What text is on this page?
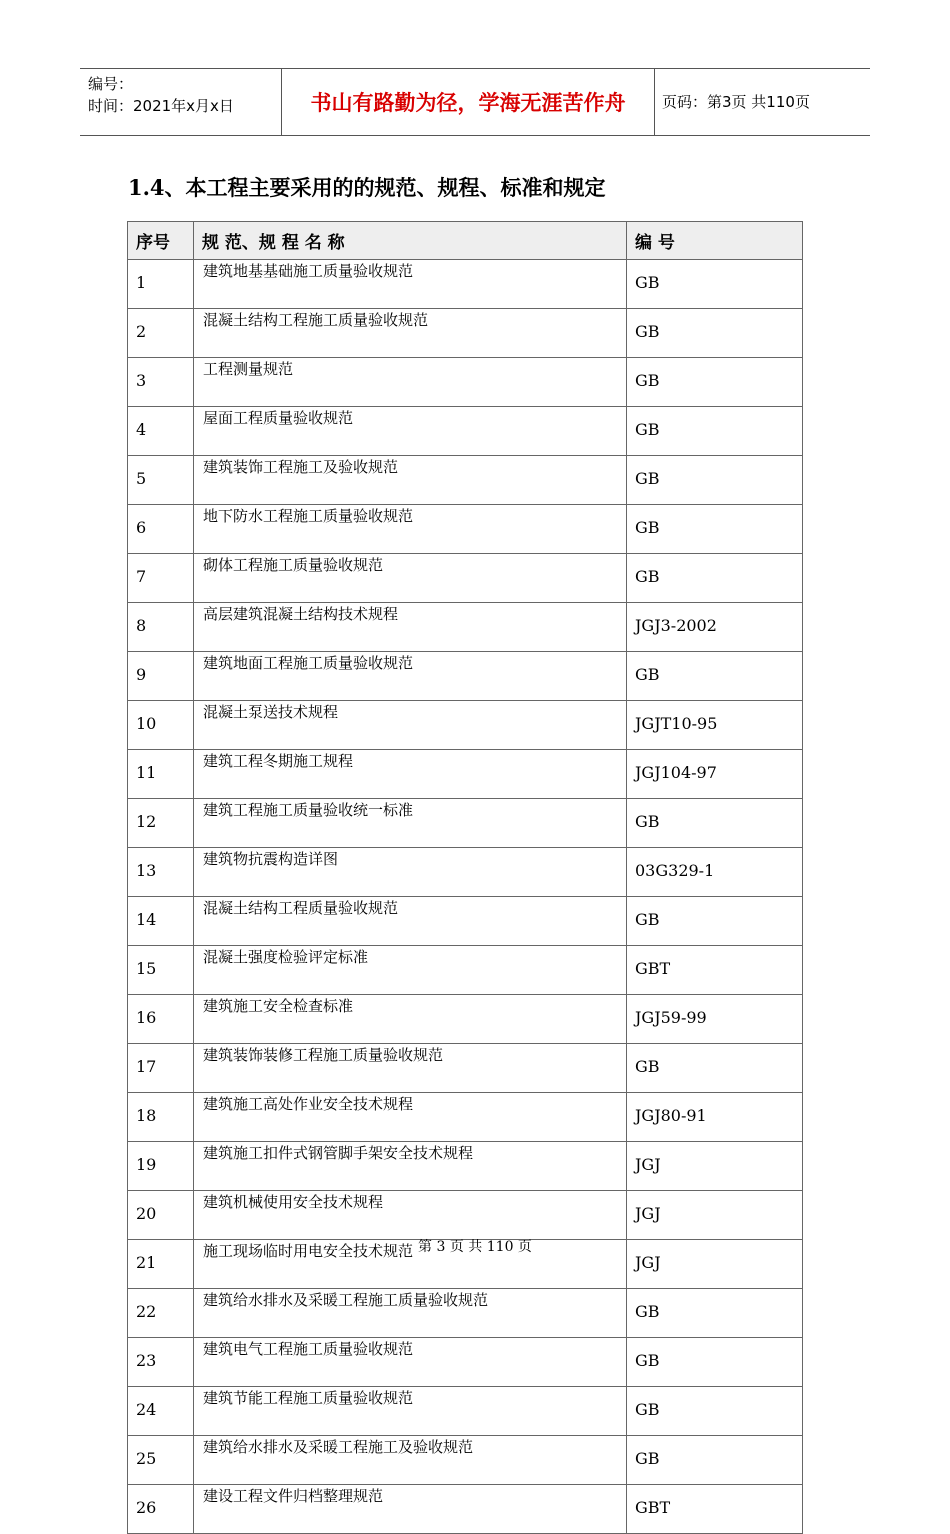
编号：
时间：2021年x月x日	书山有路勤为径，学海无涯苦作舟	页码：第3页 共110页
1.4、本工程主要采用的的规范、规程、标准和规定
序号	规 范、规 程 名 称	编 号
1	建筑地基基础施工质量验收规范	GB
2	混凝土结构工程施工质量验收规范	GB
3	工程测量规范	GB
4	屋面工程质量验收规范	GB
5	建筑装饰工程施工及验收规范	GB
6	地下防水工程施工质量验收规范	GB
7	砌体工程施工质量验收规范	GB
8	高层建筑混凝土结构技术规程	JGJ3-2002
9	建筑地面工程施工质量验收规范	GB
10	混凝土泵送技术规程	JGJT10-95
11	建筑工程冬期施工规程	JGJ104-97
12	建筑工程施工质量验收统一标准	GB
13	建筑物抗震构造详图	03G329-1
14	混凝土结构工程质量验收规范	GB
15	混凝土强度检验评定标准	GBT
16	建筑施工安全检查标准	JGJ59-99
17	建筑装饰装修工程施工质量验收规范	GB
18	建筑施工高处作业安全技术规程	JGJ80-91
19	建筑施工扣件式钢管脚手架安全技术规程	JGJ
20	建筑机械使用安全技术规程	JGJ
21	施工现场临时用电安全技术规范	JGJ
22	建筑给水排水及采暖工程施工质量验收规范	GB
23	建筑电气工程施工质量验收规范	GB
24	建筑节能工程施工质量验收规范	GB
25	建筑给水排水及采暖工程施工及验收规范	GB
26	建设工程文件归档整理规范	GBT
第 3 页 共 110 页
